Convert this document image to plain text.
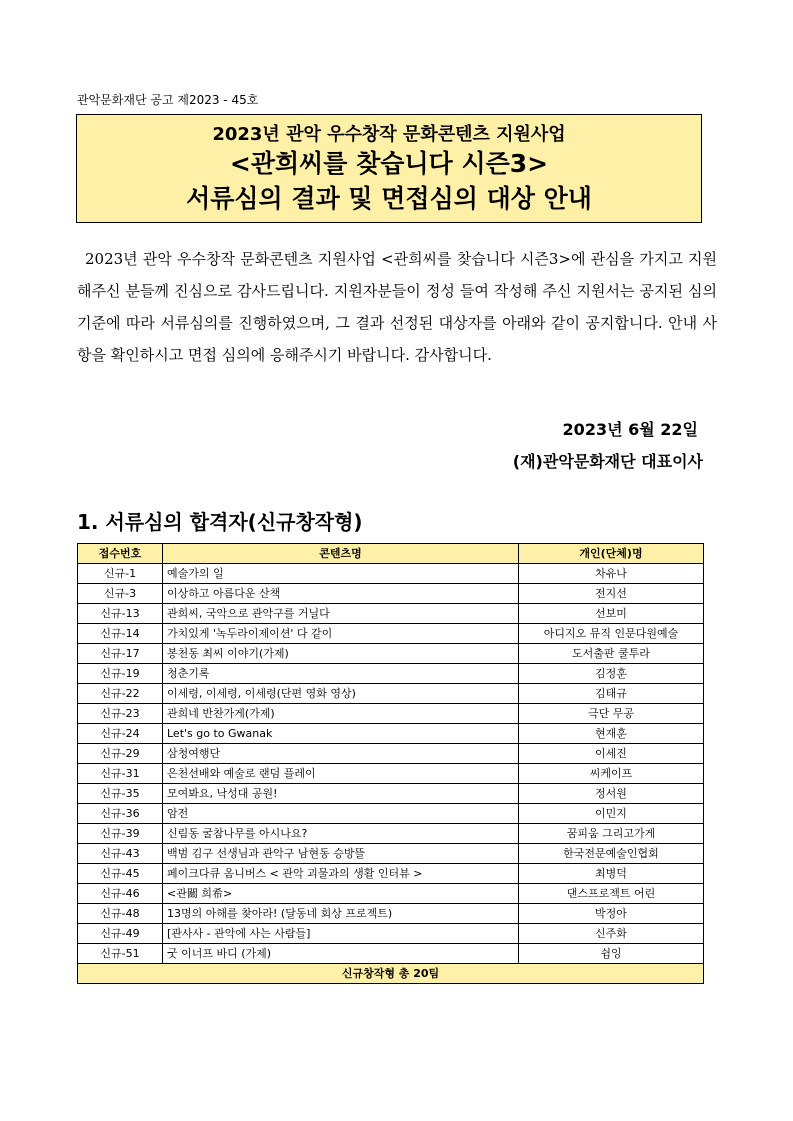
관악문화재단 공고 제2023 - 45호
2023년 관악 우수창작 문화콘텐츠 지원사업
<관희씨를 찾습니다 시즌3>
서류심의 결과 및 면접심의 대상 안내

2023년 관악 우수창작 문화콘텐츠 지원사업 <관희씨를 찾습니다 시즌3>에 관심을 가지고 지원해주신 분들께 진심으로 감사드립니다. 지원자분들이 정성 들여 작성해 주신 지원서는 공지된 심의 기준에 따라 서류심의를 진행하였으며, 그 결과 선정된 대상자를 아래와 같이 공지합니다. 안내 사항을 확인하시고 면접 심의에 응해주시기 바랍니다. 감사합니다.

2023년 6월 22일
(재)관악문화재단 대표이사
1. 서류심의 합격자(신규창작형)
접수번호	콘텐츠명	개인(단체)명
신규-1	예술가의 일	차유나
신규-3	이상하고 아름다운 산책	전지선
신규-13	관희씨, 국악으로 관악구를 거닐다	선보미
신규-14	가치있게 '녹두라이제이션' 다 같이	아디지오 뮤직 인문다원예술
신규-17	봉천동 최씨 이야기(가제)	도서출판 쿨투라
신규-19	청춘기록	김정훈
신규-22	이세령, 이세령, 이세령(단편 영화 영상)	김태규
신규-23	관희네 반찬가게(가제)	극단 무공
신규-24	Let's go to Gwanak	현재훈
신규-29	삼청여행단	이세진
신규-31	은천선배와 예술로 랜덤 플레이	씨케이프
신규-35	모여봐요, 낙성대 공원!	정서원
신규-36	암전	이민지
신규-39	신림동 굴참나무를 아시나요?	꿈피움 그리고가게
신규-43	백범 김구 선생님과 관악구 남현동 승방뜰	한국전문예술인협회
신규-45	페이크다큐 옴니버스 < 관악 괴물과의 생활 인터뷰 >	최병덕
신규-46	<관關 희希>	댄스프로젝트 어린
신규-48	13명의 아해를 찾아라! (달동네 회상 프로젝트)	박정아
신규-49	[관사사 - 관악에 사는 사람들]	신주화
신규-51	굿 이너프 바디 (가제)	쉼잉
신규창작형 총 20팀		
